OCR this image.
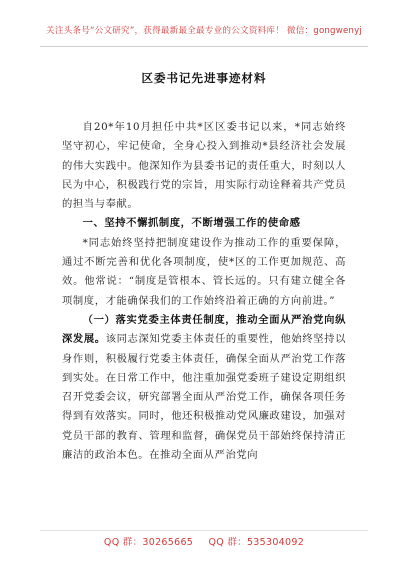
关注头条号“公文研究”，获得最新最全最专业的公文资料库！ 微信：gongwenyj
区委书记先进事迹材料

自20*年10月担任中共*区区委书记以来，*同志始终坚守初心，牢记使命，全身心投入到推动*县经济社会发展的伟大实践中。他深知作为县委书记的责任重大，时刻以人民为中心，积极践行党的宗旨，用实际行动诠释着共产党员的担当与奉献。

一、坚持不懈抓制度，不断增强工作的使命感

*同志始终坚持把制度建设作为推动工作的重要保障，通过不断完善和优化各项制度，使*区的工作更加规范、高效。他常说：“制度是管根本、管长远的。只有建立健全各项制度，才能确保我们的工作始终沿着正确的方向前进。”

（一）落实党委主体责任制度，推动全面从严治党向纵深发展。该同志深知党委主体责任的重要性，他始终坚持以身作则，积极履行党委主体责任，确保全面从严治党工作落到实处。在日常工作中，他注重加强党委班子建设定期组织召开党委会议，研究部署全面从严治党工作，确保各项任务得到有效落实。同时，他还积极推动党风廉政建设，加强对党员干部的教育、管理和监督，确保党员干部始终保持清正廉洁的政治本色。在推动全面从严治党向

QQ 群：30265665 QQ 群：535304092
